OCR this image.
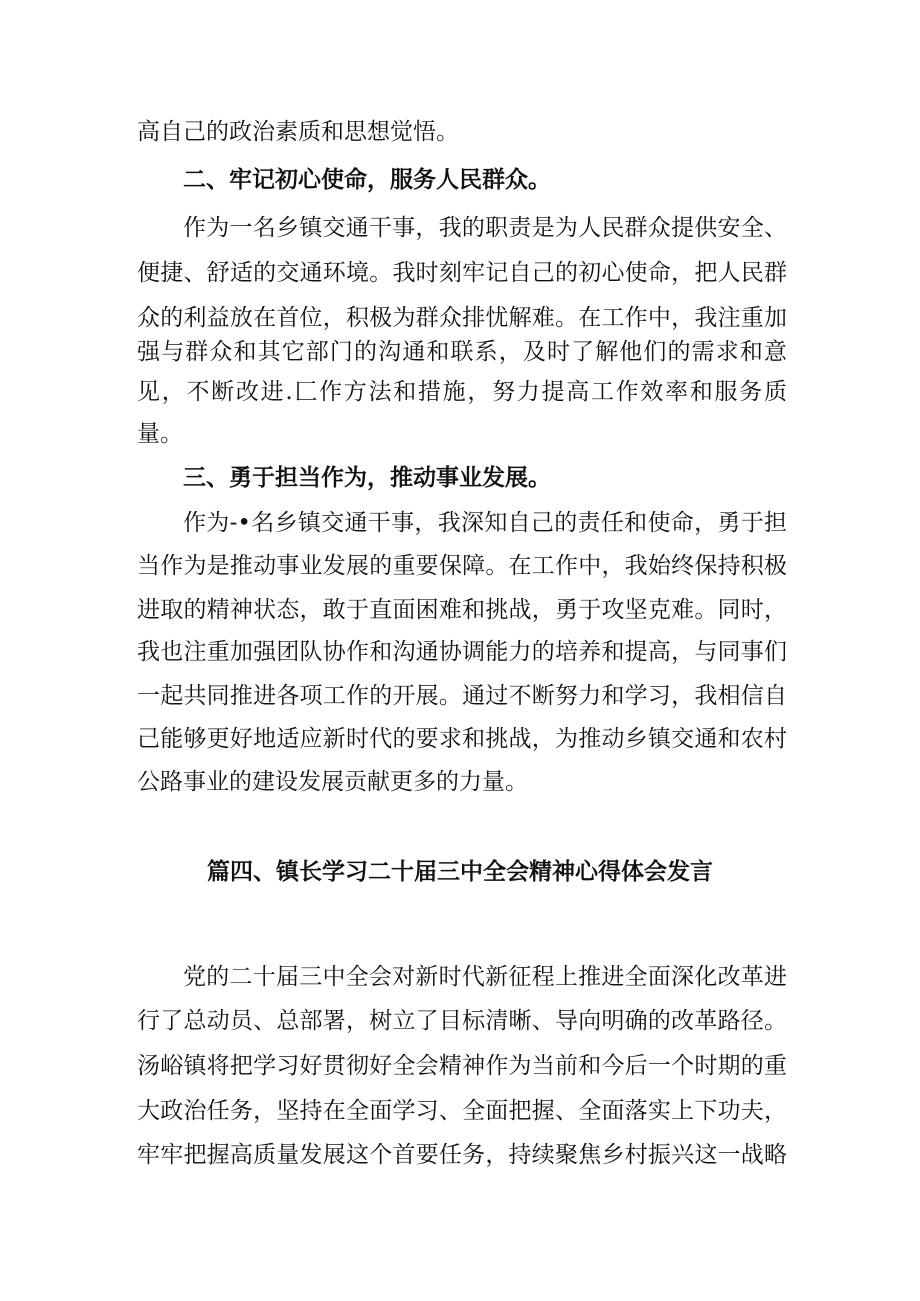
高自己的政治素质和思想觉悟。
二、牢记初心使命，服务人民群众。
作为一名乡镇交通干事，我的职责是为人民群众提供安全、
便捷、舒适的交通环境。我时刻牢记自己的初心使命，把人民群
众的利益放在首位，积极为群众排忧解难。在工作中，我注重加
强与群众和其它部门的沟通和联系，及时了解他们的需求和意
见，不断改进.匚作方法和措施，努力提高工作效率和服务质
量。
三、勇于担当作为，推动事业发展。
作为-•名乡镇交通干事，我深知自己的责任和使命，勇于担
当作为是推动事业发展的重要保障。在工作中，我始终保持积极
进取的精神状态，敢于直面困难和挑战，勇于攻坚克难。同时，
我也注重加强团队协作和沟通协调能力的培养和提高，与同事们
一起共同推进各项工作的开展。通过不断努力和学习，我相信自
己能够更好地适应新时代的要求和挑战，为推动乡镇交通和农村
公路事业的建设发展贡献更多的力量。
篇四、镇长学习二十届三中全会精神心得体会发言
党的二十届三中全会对新时代新征程上推进全面深化改革进
行了总动员、总部署，树立了目标清晰、导向明确的改革路径。
汤峪镇将把学习好贯彻好全会精神作为当前和今后一个时期的重
大政治任务，坚持在全面学习、全面把握、全面落实上下功夫，
牢牢把握高质量发展这个首要任务，持续聚焦乡村振兴这一战略
